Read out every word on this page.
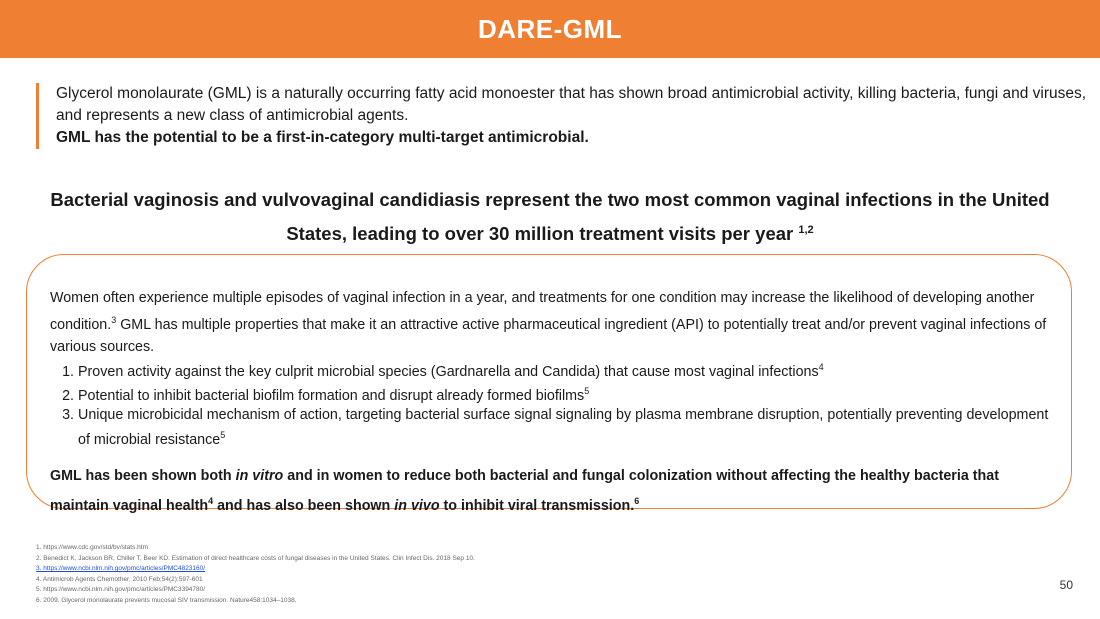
DARE-GML
Glycerol monolaurate (GML) is a naturally occurring fatty acid monoester that has shown broad antimicrobial activity, killing bacteria, fungi and viruses, and represents a new class of antimicrobial agents.
GML has the potential to be a first-in-category multi-target antimicrobial.
Bacterial vaginosis and vulvovaginal candidiasis represent the two most common vaginal infections in the United States, leading to over 30 million treatment visits per year $^{1,2}$

Women often experience multiple episodes of vaginal infection in a year, and treatments for one condition may increase the likelihood of developing another condition.$^3$ GML has multiple properties that make it an attractive active pharmaceutical ingredient (API) to potentially treat and/or prevent vaginal infections of various sources.

1. Proven activity against the key culprit microbial species (Gardnarella and Candida) that cause most vaginal infections$^4$
2. Potential to inhibit bacterial biofilm formation and disrupt already formed biofilms$^5$
3. Unique microbicidal mechanism of action, targeting bacterial surface signal signaling by plasma membrane disruption, potentially preventing development of microbial resistance$^5$

GML has been shown both in vitro and in women to reduce both bacterial and fungal colonization without affecting the healthy bacteria that maintain vaginal health$^4$ and has also been shown in vivo to inhibit viral transmission.$^6$

1. https://www.cdc.gov/std/bv/stats.htm
2. Benedict K, Jackson BR, Chiller T, Beer KD. Estimation of direct healthcare costs of fungal diseases in the United States. Clin Infect Dis. 2018 Sep 10.
3. https://www.ncbi.nlm.nih.gov/pmc/articles/PMC4823160/
4. Antimicrob Agents Chemother. 2010 Feb;54(2):597-601
5. https://www.ncbi.nlm.nih.gov/pmc/articles/PMC3394780/
6. 2009. Glycerol monolaurate prevents mucosal SIV transmission. Nature458:1034–1038.
50
